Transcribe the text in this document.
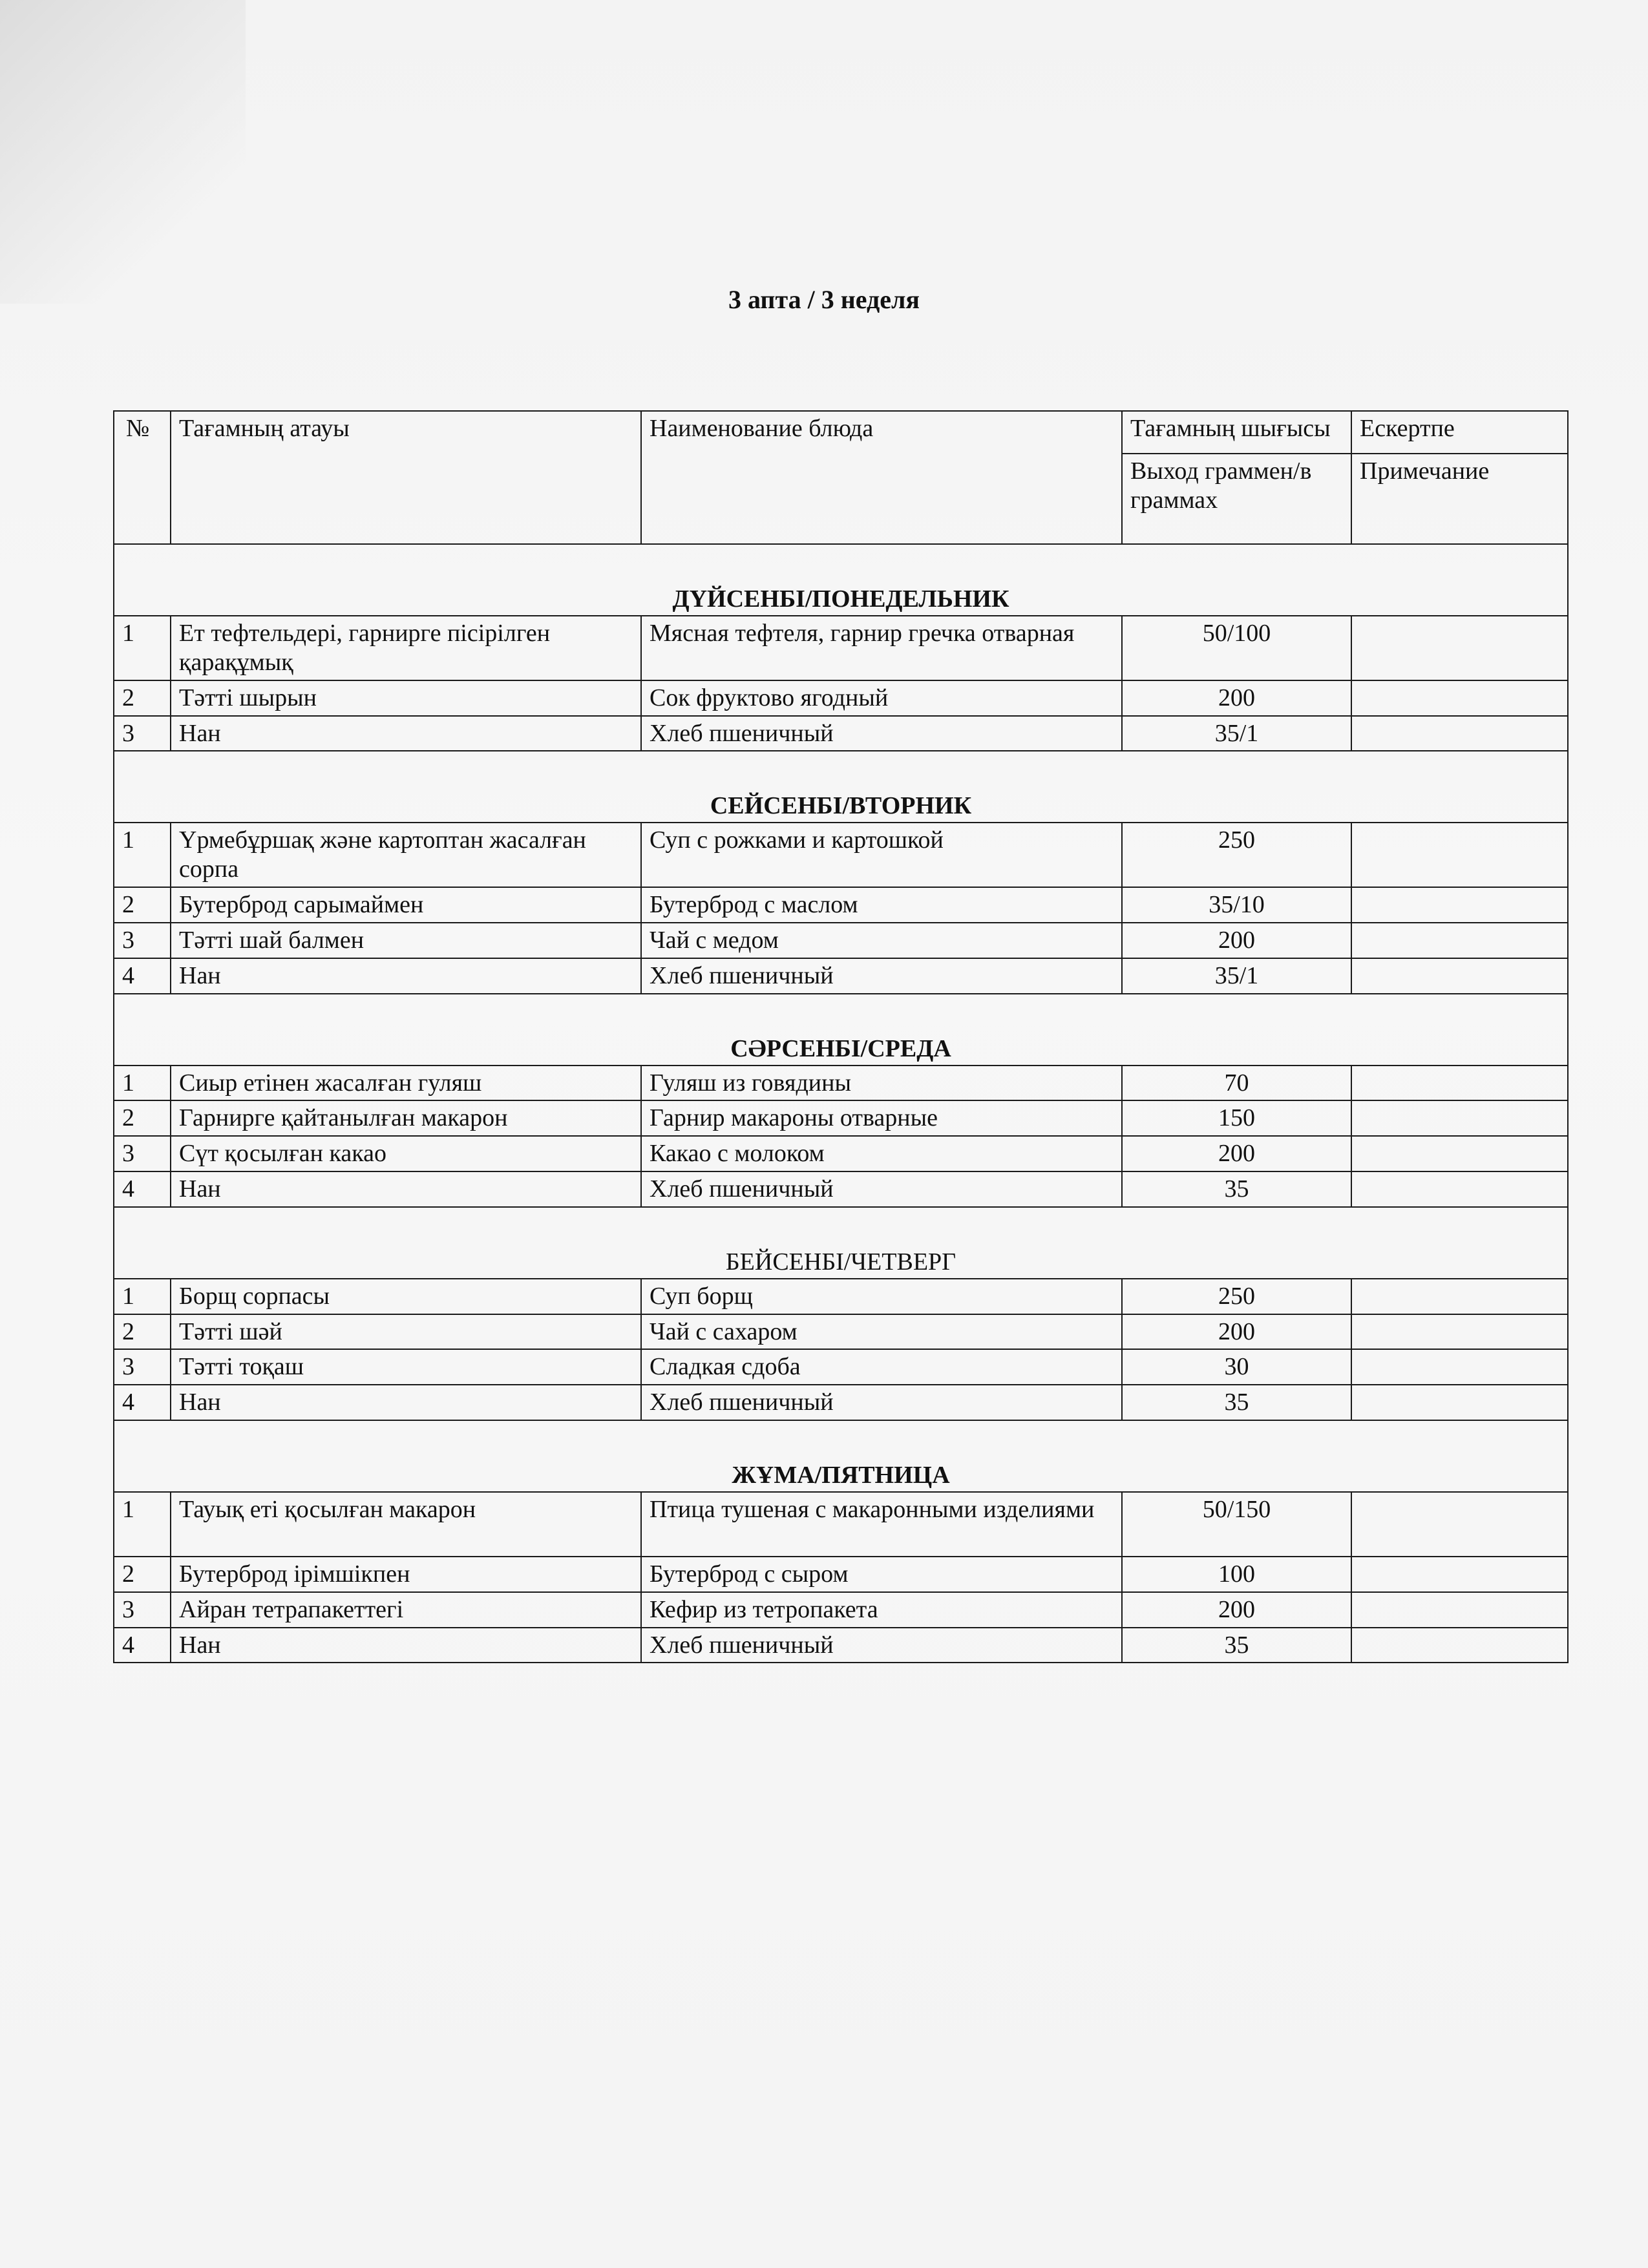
3 апта / 3 неделя
№	Тағамның атауы	Наименование блюда	Тағамның шығысы	Ескертпе
			Выход граммен/в граммах	Примечание
ДҮЙСЕНБІ/ПОНЕДЕЛЬНИК				
1	Ет тефтельдері, гарнирге пісірілген қарақұмық	Мясная тефтеля, гарнир гречка отварная	50/100	
2	Тәтті шырын	Сок фруктово ягодный	200	
3	Нан	Хлеб пшеничный	35/1	
СЕЙСЕНБІ/ВТОРНИК				
1	Үрмебұршақ және картоптан жасалған сорпа	Суп с рожками и картошкой	250	
2	Бутерброд сарымаймен	Бутерброд с маслом	35/10	
3	Тәтті шай балмен	Чай с медом	200	
4	Нан	Хлеб пшеничный	35/1	
СӘРСЕНБІ/СРЕДА				
1	Сиыр етінен жасалған гуляш	Гуляш из говядины	70	
2	Гарнирге қайтанылған макарон	Гарнир макароны отварные	150	
3	Сүт қосылған какао	Какао с молоком	200	
4	Нан	Хлеб пшеничный	35	
БЕЙСЕНБІ/ЧЕТВЕРГ				
1	Борщ сорпасы	Суп борщ	250	
2	Тәтті шәй	Чай с сахаром	200	
3	Тәтті тоқаш	Сладкая сдоба	30	
4	Нан	Хлеб пшеничный	35	
ЖҰМА/ПЯТНИЦА				
1	Тауық еті қосылған макарон	Птица тушеная с макаронными изделиями	50/150	
2	Бутерброд ірімшікпен	Бутерброд с сыром	100	
3	Айран тетрапакеттегі	Кефир из тетропакета	200	
4	Нан	Хлеб пшеничный	35	
